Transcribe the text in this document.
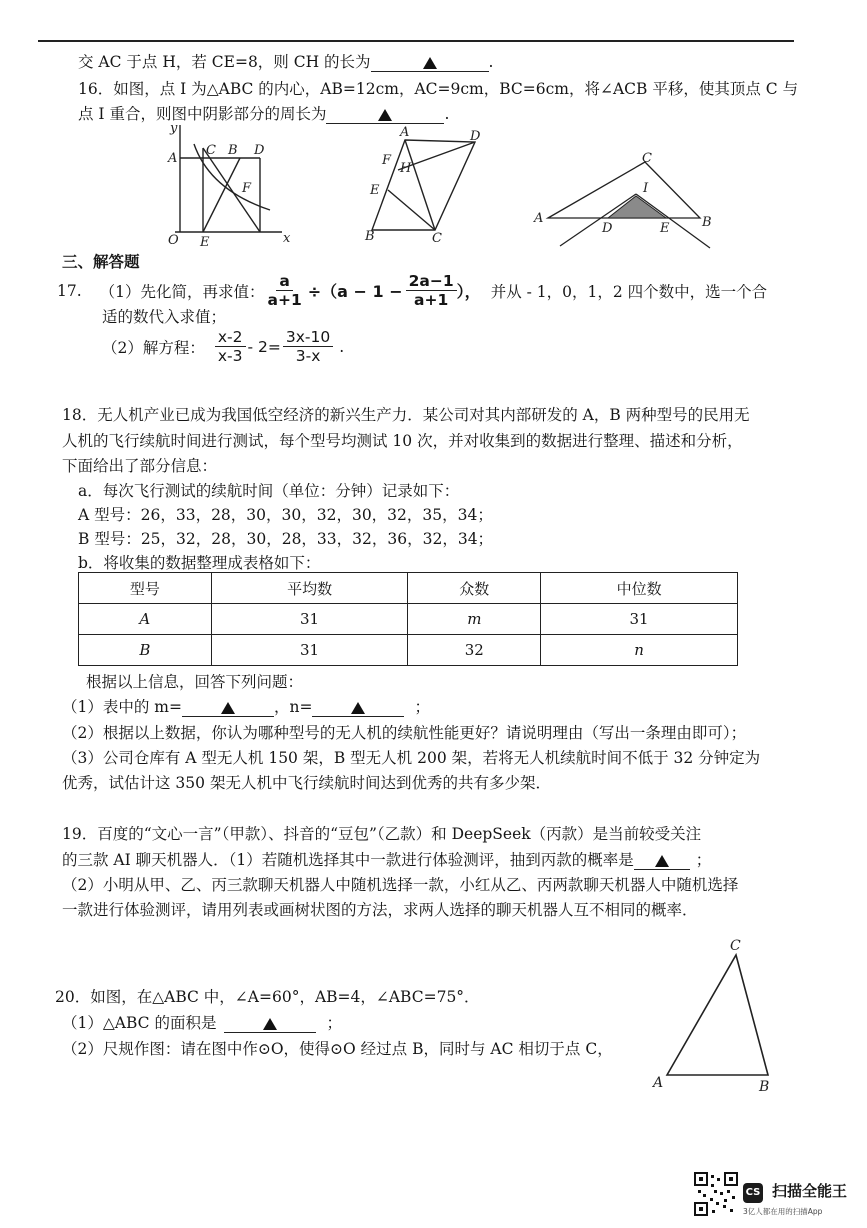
交 AC 于点 H，若 CE=8，则 CH 的长为	.
16．如图，点 I 为△ABC 的内心，AB=12cm，AC=9cm，BC=6cm，将∠ACB 平移，使其顶点 C 与
点 I 重合，则图中阴影部分的周长为	.
y
x
A
C B D
F
O E
A	D
F
H
E
B	C
C
I
A	B
D	E
三、解答题
17. （1）先化简，再求值： $\frac{a}{a+1} \div(a - 1 - \frac{2a-1}{a+1}$ ）， 并从 - 1，0，1，2 四个数中，选一个合
适的数代入求值；
（2）解方程： $\frac{x-2}{x-3} - 2= \frac{3x-10}{3-x}$ .
18．无人机产业已成为我国低空经济的新兴生产力．某公司对其内部研发的 A，B 两种型号的民用无
人机的飞行续航时间进行测试，每个型号均测试 10 次，并对收集到的数据进行整理、描述和分析，
下面给出了部分信息：
a．每次飞行测试的续航时间（单位：分钟）记录如下：
A 型号：26，33，28，30，30，32，30，32，35，34；
B 型号：25，32，28，30，28，33，32，36，32，34；
b．将收集的数据整理成表格如下：
型号	平均数	众数	中位数
A	31	m	31
B	31	32	n
根据以上信息，回答下列问题：
（1）表中的 m=	，n=	；
（2）根据以上数据，你认为哪种型号的无人机的续航性能更好？请说明理由（写出一条理由即可）；
（3）公司仓库有 A 型无人机 150 架，B 型无人机 200 架，若将无人机续航时间不低于 32 分钟定为
优秀，试估计这 350 架无人机中飞行续航时间达到优秀的共有多少架．
19．百度的“文心一言”（甲款）、抖音的“豆包”（乙款）和 DeepSeek（丙款）是当前较受关注
的三款 AI 聊天机器人．（1）若随机选择其中一款进行体验测评，抽到丙款的概率是	；
（2）小明从甲、乙、丙三款聊天机器人中随机选择一款，小红从乙、丙两款聊天机器人中随机选择
一款进行体验测评，请用列表或画树状图的方法，求两人选择的聊天机器人互不相同的概率．
20．如图，在△ABC 中，∠A=60°，AB=4，∠ABC=75°．
（1）△ABC 的面积是	；
（2）尺规作图：请在图中作⊙O，使得⊙O 经过点 B，同时与 AC 相切于点 C，
C
A	B
CS 扫描全能王
3亿人都在用的扫描App
